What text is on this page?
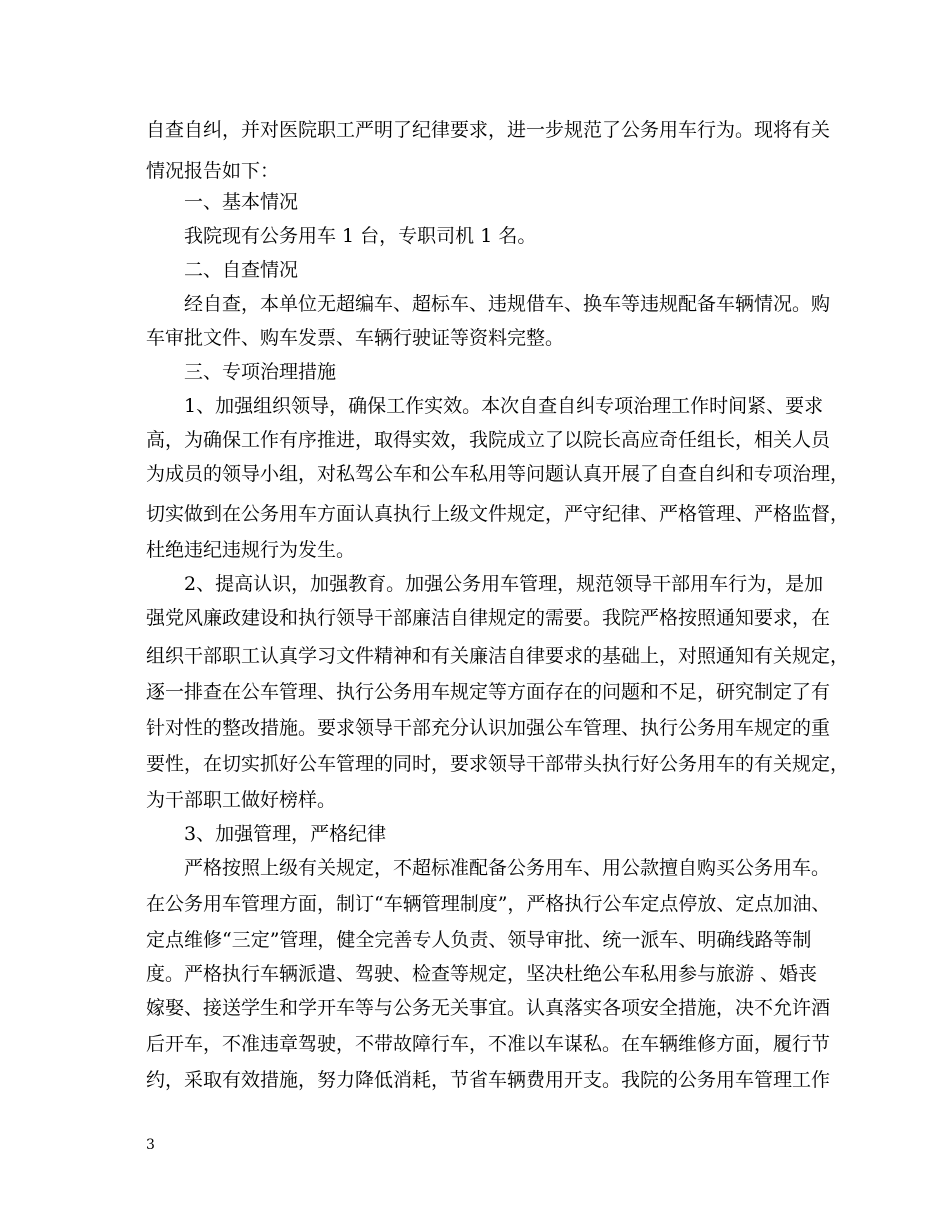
自查自纠，并对医院职工严明了纪律要求，进一步规范了公务用车行为。现将有关
情况报告如下：
一、基本情况
我院现有公务用车 1 台，专职司机 1 名。
二、自查情况
经自查，本单位无超编车、超标车、违规借车、换车等违规配备车辆情况。购
车审批文件、购车发票、车辆行驶证等资料完整。
三、专项治理措施
1、加强组织领导，确保工作实效。本次自查自纠专项治理工作时间紧、要求
高，为确保工作有序推进，取得实效，我院成立了以院长高应奇任组长，相关人员
为成员的领导小组，对私驾公车和公车私用等问题认真开展了自查自纠和专项治理，
切实做到在公务用车方面认真执行上级文件规定，严守纪律、严格管理、严格监督，
杜绝违纪违规行为发生。
2、提高认识，加强教育。加强公务用车管理，规范领导干部用车行为，是加
强党风廉政建设和执行领导干部廉洁自律规定的需要。我院严格按照通知要求，在
组织干部职工认真学习文件精神和有关廉洁自律要求的基础上，对照通知有关规定，
逐一排查在公车管理、执行公务用车规定等方面存在的问题和不足，研究制定了有
针对性的整改措施。要求领导干部充分认识加强公车管理、执行公务用车规定的重
要性，在切实抓好公车管理的同时，要求领导干部带头执行好公务用车的有关规定，
为干部职工做好榜样。
3、加强管理，严格纪律
严格按照上级有关规定，不超标准配备公务用车、用公款擅自购买公务用车。
在公务用车管理方面，制订“车辆管理制度”，严格执行公车定点停放、定点加油、
定点维修“三定”管理，健全完善专人负责、领导审批、统一派车、明确线路等制
度。严格执行车辆派遣、驾驶、检查等规定，坚决杜绝公车私用参与旅游 、婚丧
嫁娶、接送学生和学开车等与公务无关事宜。认真落实各项安全措施，决不允许酒
后开车，不准违章驾驶，不带故障行车，不准以车谋私。在车辆维修方面，履行节
约，采取有效措施，努力降低消耗，节省车辆费用开支。我院的公务用车管理工作
3
